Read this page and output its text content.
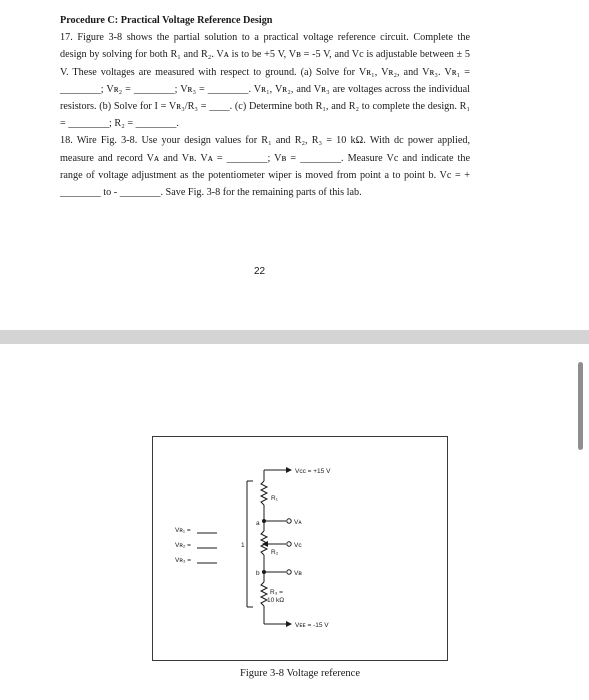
Procedure C: Practical Voltage Reference Design
17. Figure 3-8 shows the partial solution to a practical voltage reference circuit. Complete the design by solving for both R₁ and R₂. Vᴀ is to be +5 V, Vʙ = -5 V, and Vc is adjustable between ± 5 V. These voltages are measured with respect to ground. (a) Solve for Vʀ₁, Vʀ₂, and Vʀ₃. Vʀ₁ = ________; Vʀ₂ = ________; Vʀ₃ = ________. Vʀ₁, Vʀ₂, and Vʀ₃ are voltages across the individual resistors. (b) Solve for I = Vʀ₃/R₃ = ____. (c) Determine both R₁, and R₂ to complete the design. R₁ = ________; R₂ = ________.
18. Wire Fig. 3-8. Use your design values for R₁ and R₂, R₃ = 10 kΩ. With dc power applied, measure and record Vᴀ and Vʙ. Vᴀ = ________; Vʙ = ________. Measure Vc and indicate the range of voltage adjustment as the potentiometer wiper is moved from point a to point b. Vc = + ________ to - ________. Save Fig. 3-8 for the remaining parts of this lab.
22
Vᴄᴄ = +15 V
R₁
a	Vᴀ
R₂
1	Vc
b	Vʙ
R₃ =
10 kΩ
Vᴇᴇ = -15 V
Vʀ₁ =
Vʀ₂ =
Vʀ₃ =
Figure 3-8 Voltage reference
